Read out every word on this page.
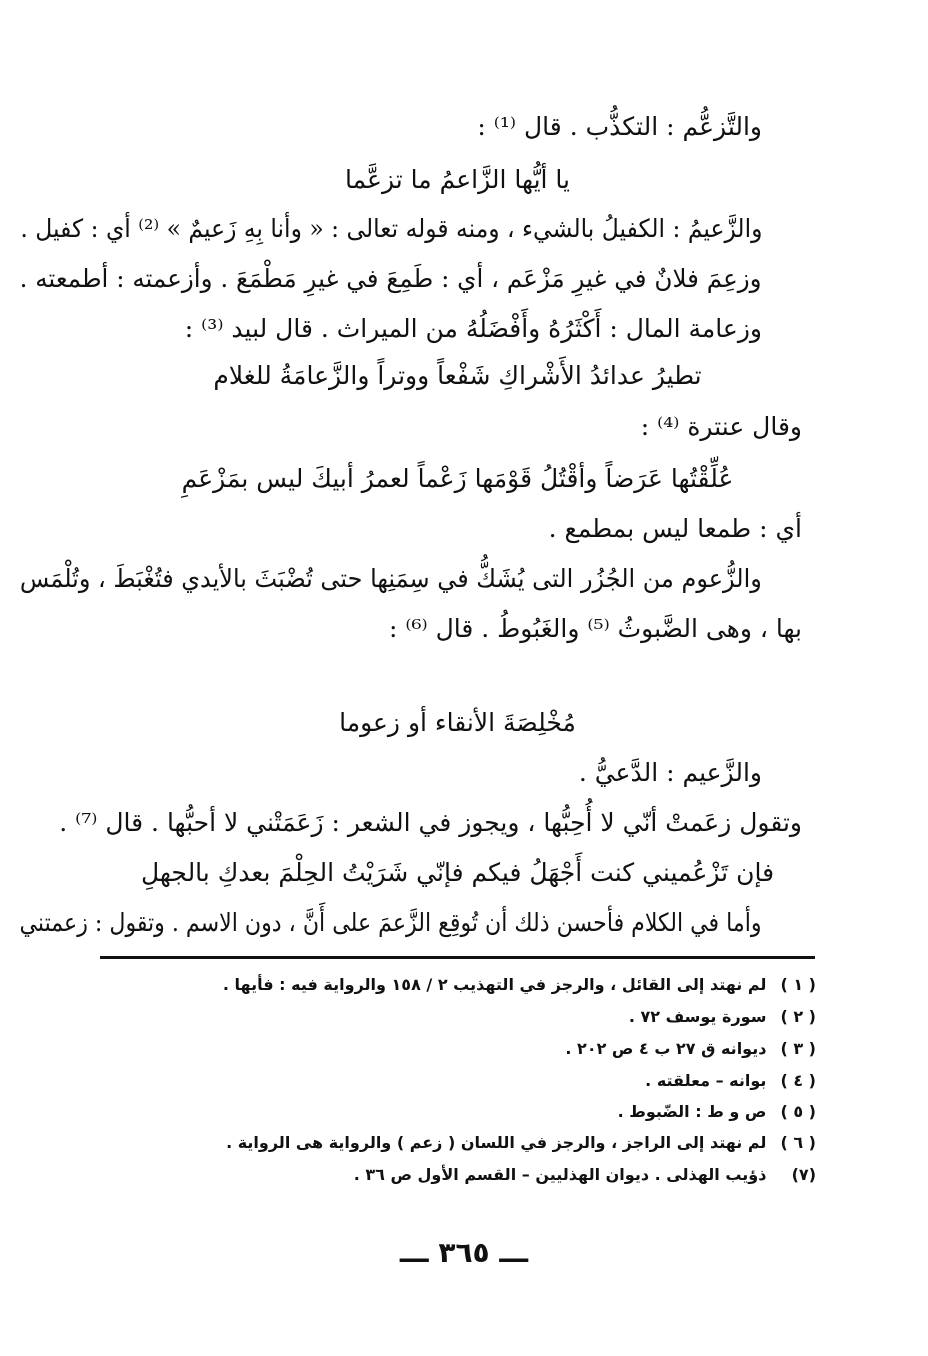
والتَّزعُّم : التكذُّب . قال ⁽¹⁾ :
يا أيُّها الزَّاعمُ ما تزعَّما
والزَّعيمُ : الكفيلُ بالشيء ، ومنه قوله تعالى : « وأنا بِهِ زَعيمٌ » ⁽²⁾ أي : كفيل .
وزعِمَ فلانٌ في غيرِ مَزْعَم ، أي : طَمِعَ في غيرِ مَطْمَعَ . وأزعمته : أطمعته .
وزعامة المال : أَكْثَرُهُ وأَفْضَلُهُ من الميراث . قال لبيد ⁽³⁾ :
تطيرُ عدائدُ الأَشْراكِ شَفْعاً ووتراً والزَّعامَةُ للغلام
وقال عنترة ⁽⁴⁾ :
عُلِّقْتُها عَرَضاً وأقْتُلُ قَوْمَها زَعْماً لعمرُ أبيكَ ليس بمَزْعَمِ
أي : طمعا ليس بمطمع .
والزُّعوم من الجُزُر التى يُشَكُّ في سِمَنِها حتى تُضْبَثَ بالأيدي فتُغْبَطَ ، وتُلْمَس
بها ، وهى الضَّبوثُ ⁽⁵⁾ والغَبُوطُ . قال ⁽⁶⁾ :
مُخْلِصَةَ الأنقاء أو زعوما
والزَّعيم : الدَّعيُّ .
وتقول زعَمتْ أنّي لا أُحِبُّها ، ويجوز في الشعر : زَعَمَتْني لا أحبُّها . قال ⁽⁷⁾ .
فإن تَزْعُميني كنت أَجْهَلُ فيكم فإنّي شَرَيْتُ الحِلْمَ بعدكِ بالجهلِ
وأما في الكلام فأحسن ذلك أن تُوقِع الزَّعمَ على أَنَّ ، دون الاسم . وتقول : زعمتني
( ١ ) لم نهتد إلى القائل ، والرجز في التهذيب ٢ / ١٥٨ والرواية فيه : فأيها .
( ٢ ) سورة يوسف ٧٢ .
( ٣ ) ديوانه ق ٢٧ ب ٤ ص ٢٠٢ .
( ٤ ) بوانه – معلقته .
( ٥ ) ص و ط : الضّبوط .
( ٦ ) لم نهتد إلى الراجز ، والرجز في اللسان ( زعم ) والرواية هى الرواية .
(٧) ذؤيب الهذلى . ديوان الهذليين – القسم الأول ص ٣٦ .
ـــ ٣٦٥ ـــ
